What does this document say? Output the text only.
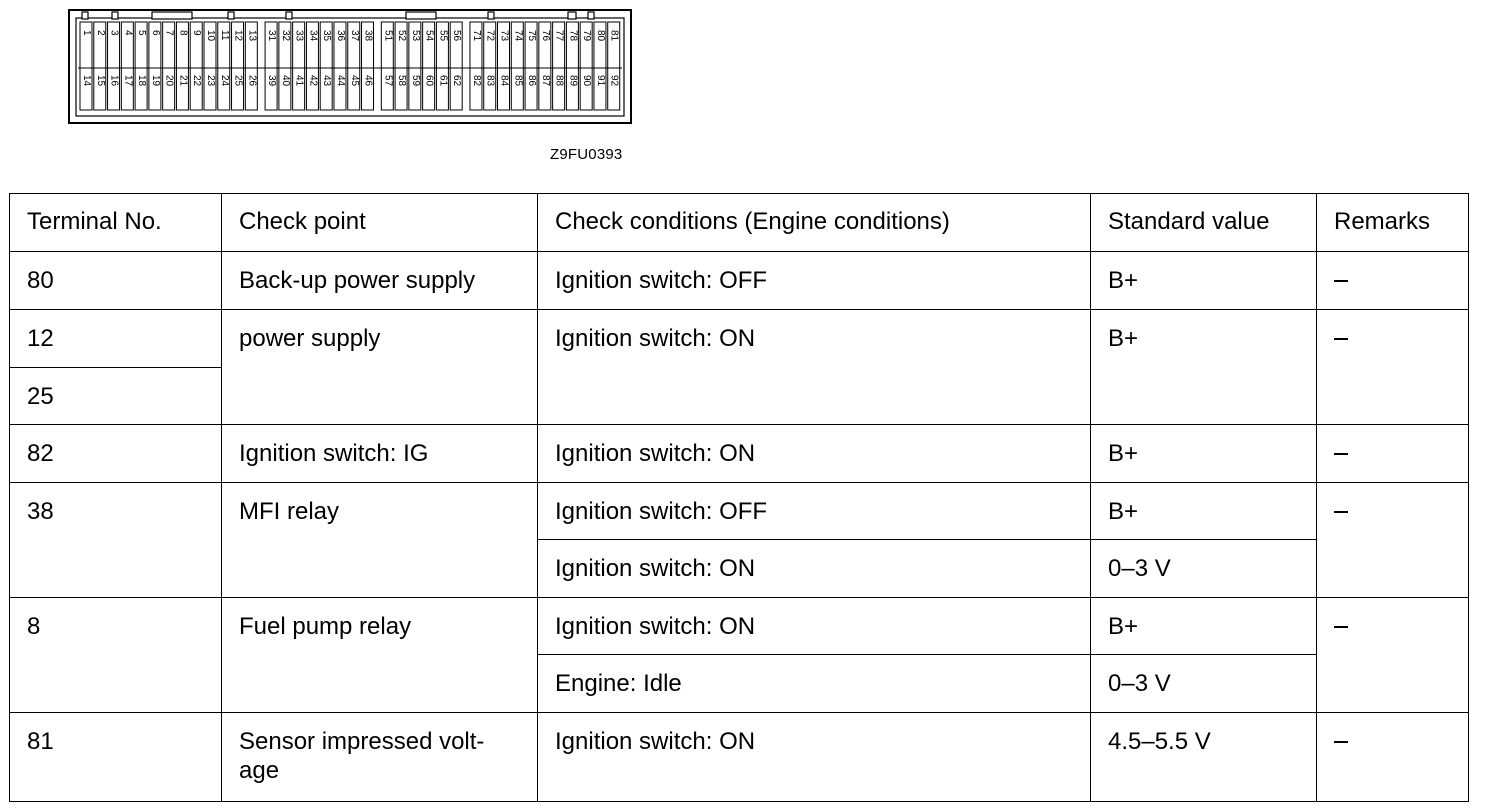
1 2 3 4 5 6 7 8 9 10 11 12 13 31 32 33 34 35 36 37 38 51 52 53 54 55 56 71 72 73 74 75 76 77 78 79 80 81
14 15 16 17 18 19 20 21 22 23 24 25 26 39 40 41 42 43 44 45 46 57 58 59 60 61 62 82 83 84 85 86 87 88 89 90 91 92
Z9FU0393
Terminal No.	Check point	Check conditions (Engine conditions)	Standard value	Remarks
80	Back-up power supply	Ignition switch: OFF	B+	
12	power supply	Ignition switch: ON	B+	
25				
82	Ignition switch: IG	Ignition switch: ON	B+	
38	MFI relay	Ignition switch: OFF	B+	
		Ignition switch: ON	0–3 V	
8	Fuel pump relay	Ignition switch: ON	B+	
		Engine: Idle	0–3 V	
81	Sensor impressed volt-
age	Ignition switch: ON	4.5–5.5 V	
